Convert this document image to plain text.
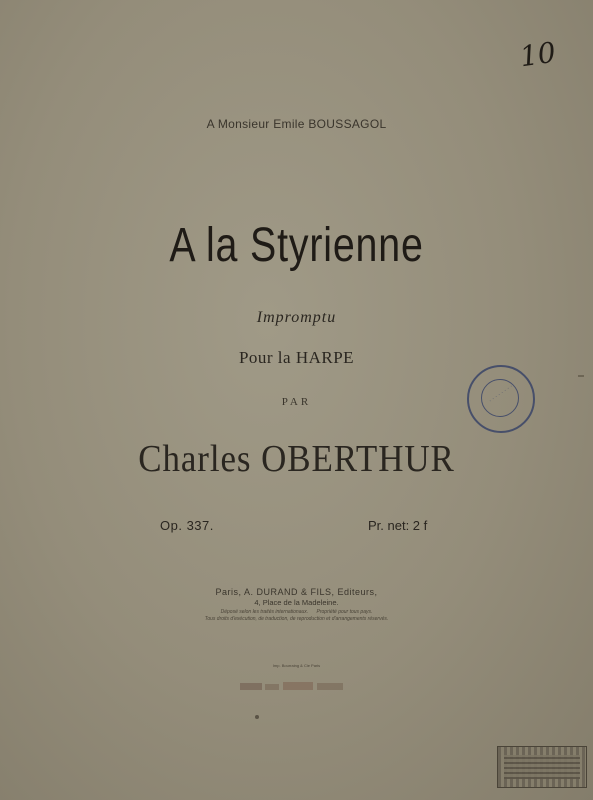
10
A Monsieur Emile BOUSSAGOL
A la Styrienne
Impromptu
Pour la HARPE
PAR
Charles OBERTHUR
Op. 337.	Pr. net: 2 f
Paris, A. DURAND & FILS, Editeurs,
4, Place de la Madeleine.
Déposé selon les traités internationaux. Propriété pour tous pays.
Tous droits d'exécution, de traduction, de reproduction et d'arrangements réservés.
Imp. Bourraing & Cie Paris
· · · · · · · ·
